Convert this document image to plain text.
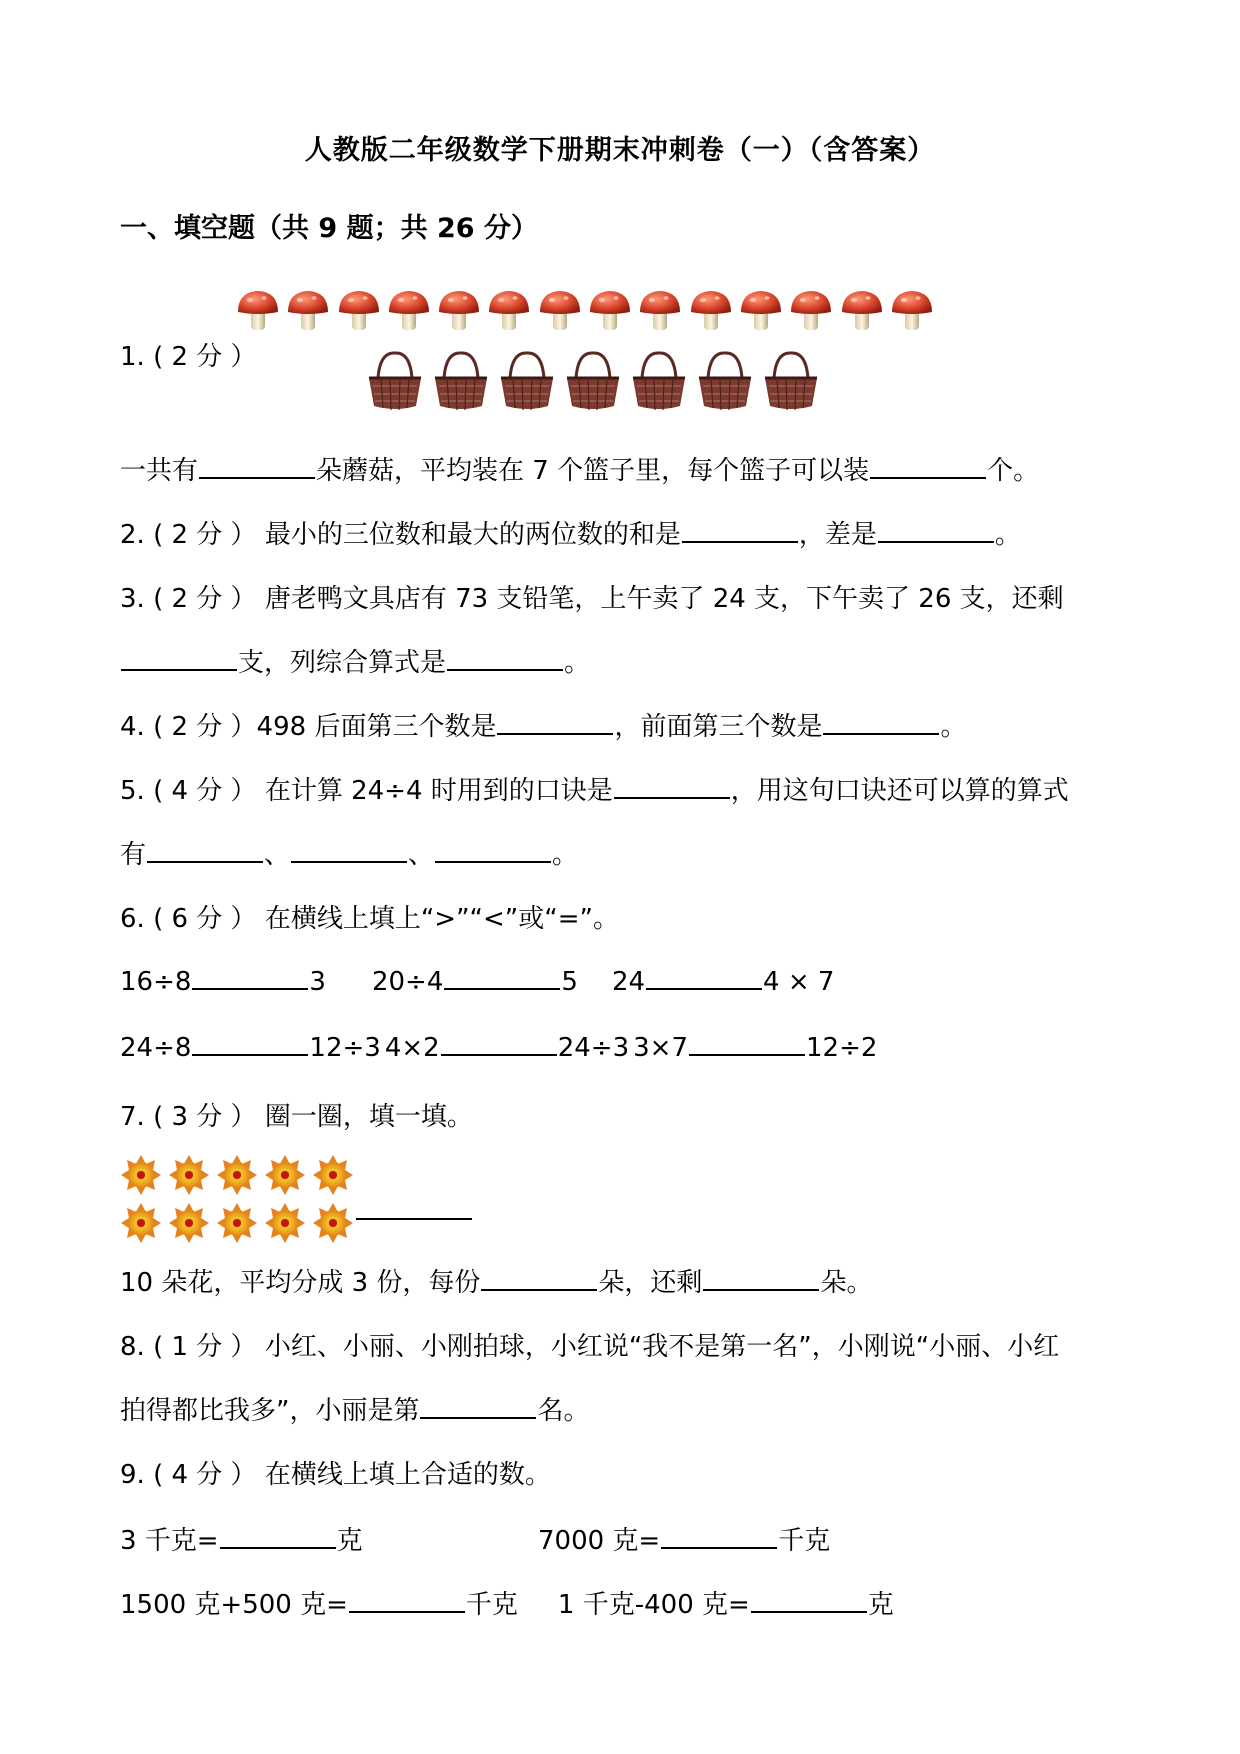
人教版二年级数学下册期末冲刺卷（一）（含答案）
一、填空题（共 9 题；共 26 分）
1. ( 2 分 ）
一共有	朵蘑菇，平均装在 7 个篮子里，每个篮子可以装	个。
2. ( 2 分 ） 最小的三位数和最大的两位数的和是	，差是	。
3. ( 2 分 ） 唐老鸭文具店有 73 支铅笔，上午卖了 24 支，下午卖了 26 支，还剩
支，列综合算式是	。
4. ( 2 分 ）498 后面第三个数是	，前面第三个数是	。
5. ( 4 分 ） 在计算 24÷4 时用到的口诀是	，用这句口诀还可以算的算式
有	、	、	。
6. ( 6 分 ） 在横线上填上“>”“<”或“=”。
16÷8	3 20÷4	5 24	4 × 7
24÷8	12÷3 4×2	24÷3 3×7	12÷2
7. ( 3 分 ） 圈一圈，填一填。
10 朵花，平均分成 3 份，每份	朵，还剩	朵。
8. ( 1 分 ） 小红、小丽、小刚拍球，小红说“我不是第一名”，小刚说“小丽、小红
拍得都比我多”，小丽是第	名。
9. ( 4 分 ） 在横线上填上合适的数。
3 千克=	克	7000 克=	千克
1500 克+500 克=	千克 1 千克-400 克=	克
